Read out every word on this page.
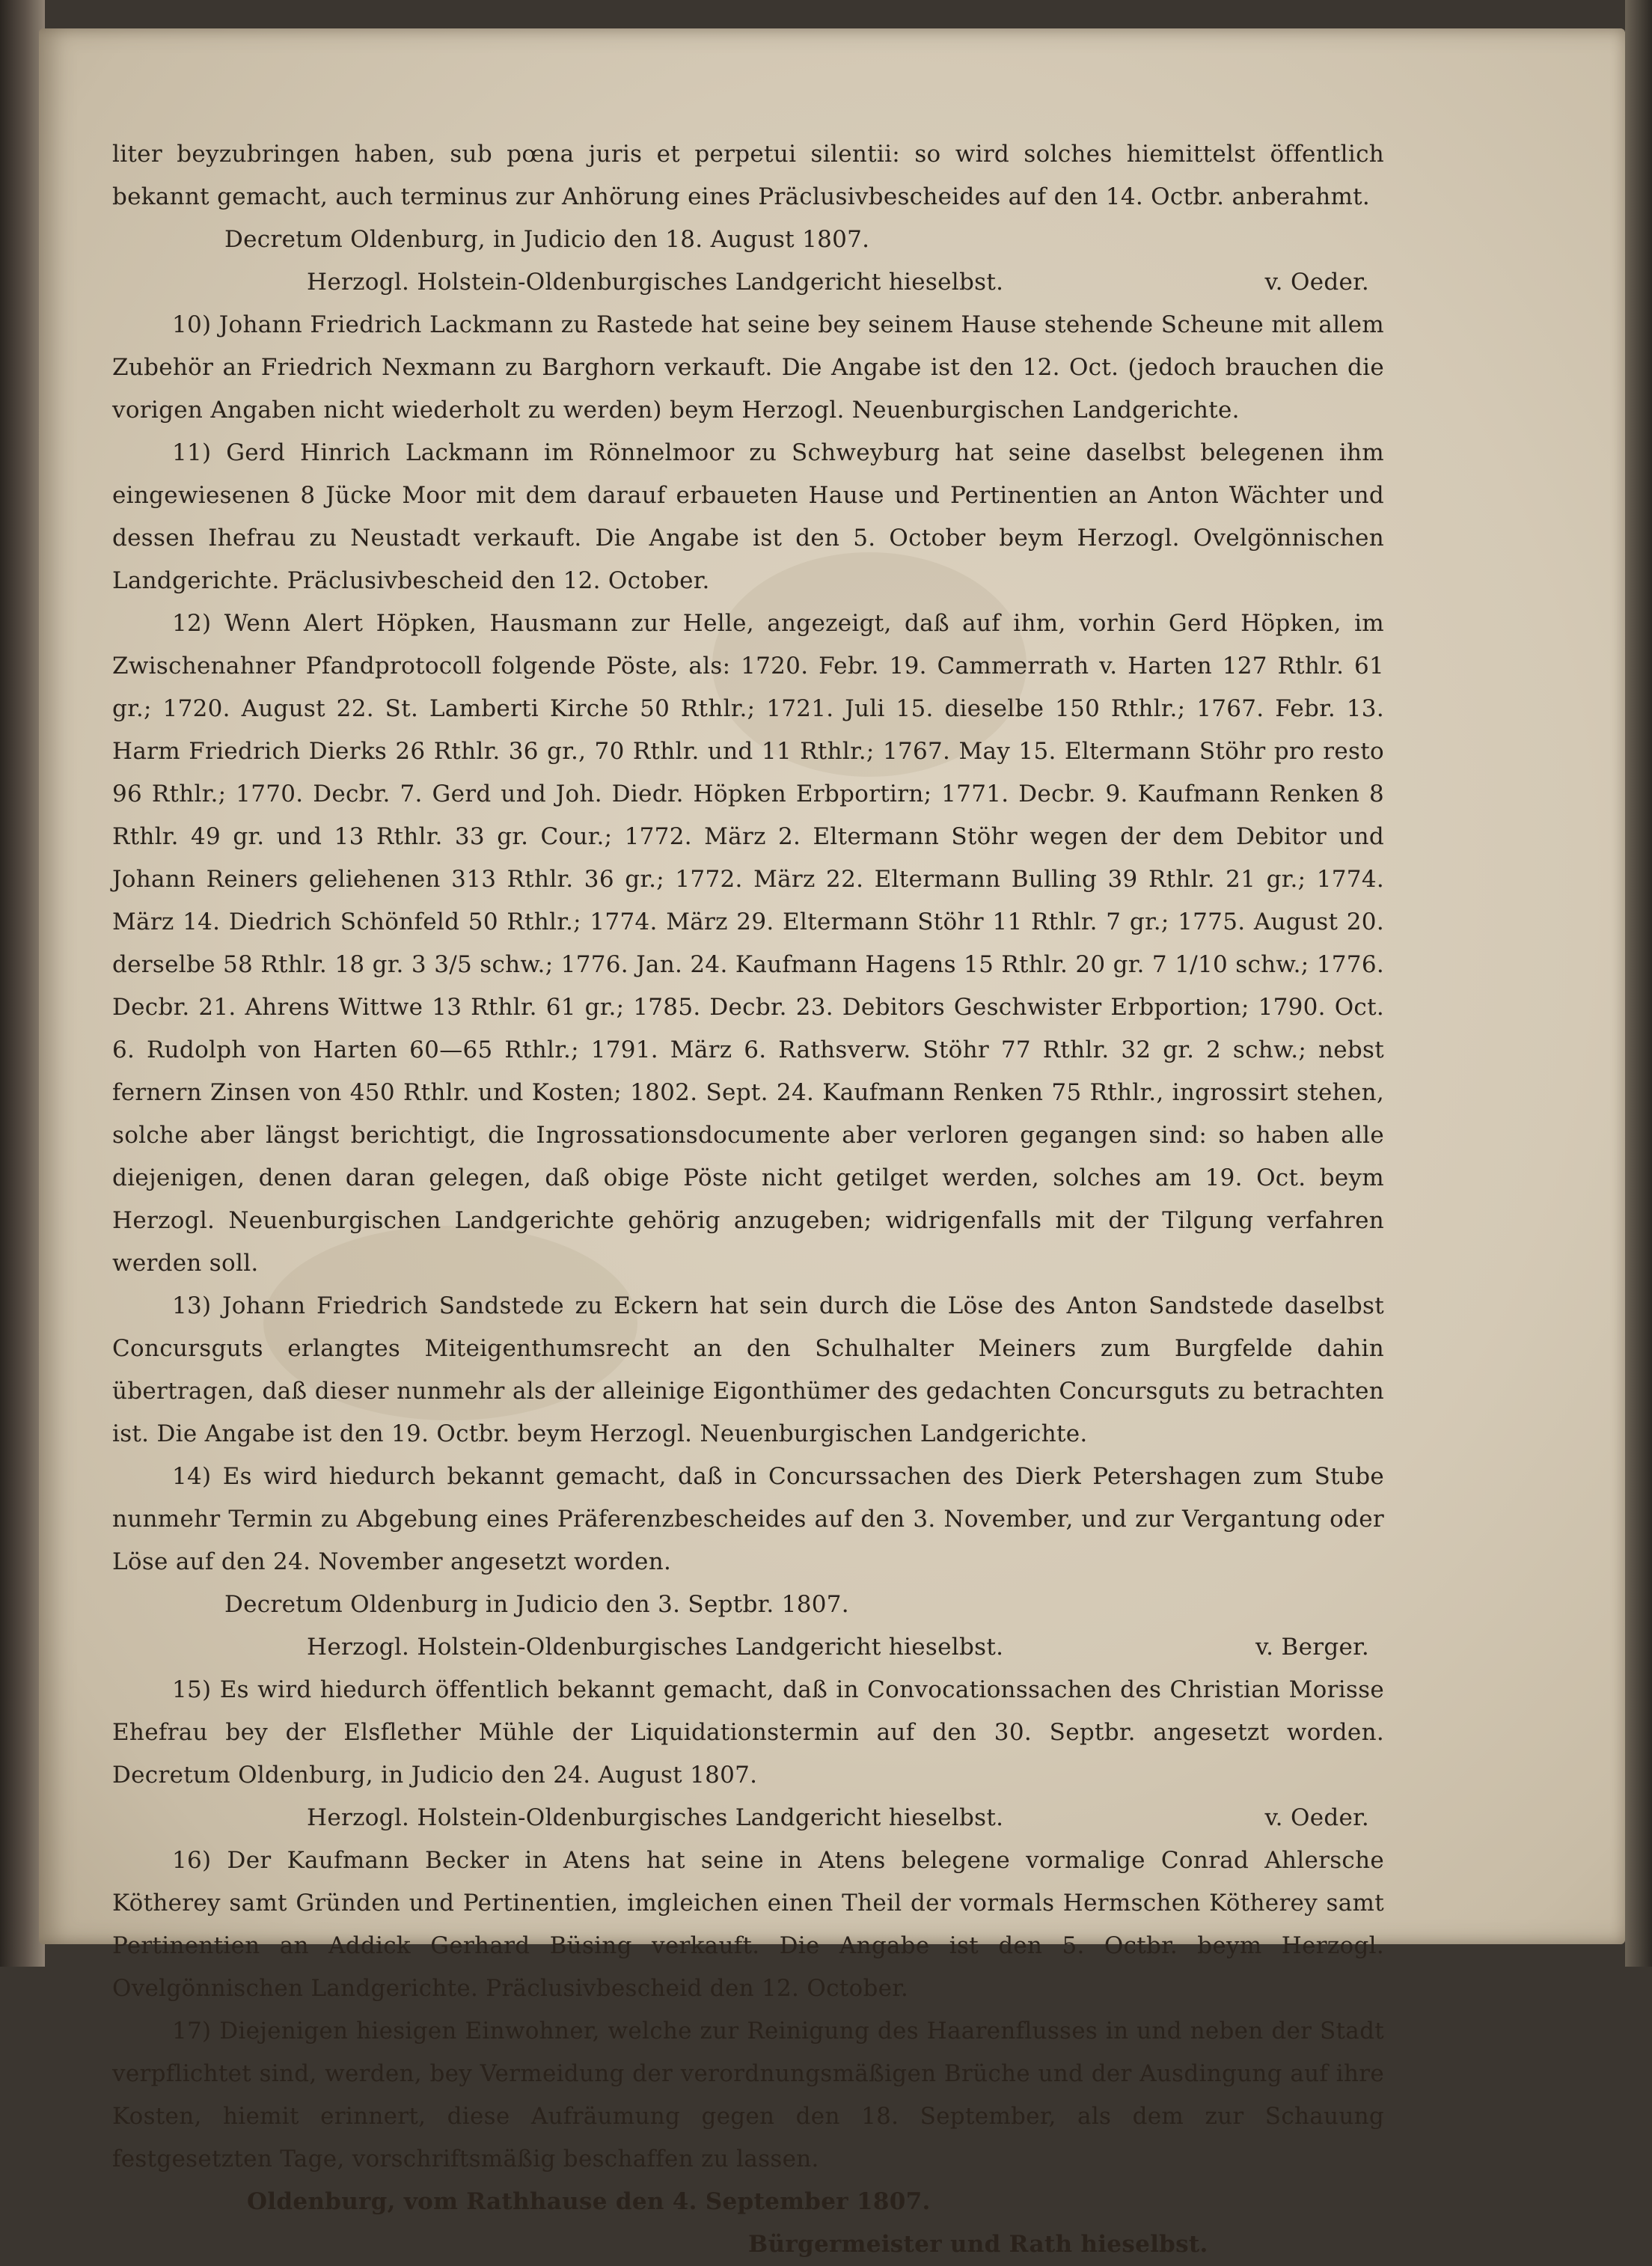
liter beyzubringen haben, sub pœna juris et perpetui silentii: so wird solches hiemittelst öffentlich bekannt gemacht, auch terminus zur Anhörung eines Präclusivbescheides auf den 14. Octbr. anberahmt.

Decretum Oldenburg, in Judicio den 18. August 1807.

Herzogl. Holstein-Oldenburgisches Landgericht hieselbst.	v. Oeder.

10) Johann Friedrich Lackmann zu Rastede hat seine bey seinem Hause stehende Scheune mit allem Zubehör an Friedrich Nexmann zu Barghorn verkauft. Die Angabe ist den 12. Oct. (jedoch brauchen die vorigen Angaben nicht wiederholt zu werden) beym Herzogl. Neuenburgischen Landgerichte.

11) Gerd Hinrich Lackmann im Rönnelmoor zu Schweyburg hat seine daselbst belegenen ihm eingewiesenen 8 Jücke Moor mit dem darauf erbaueten Hause und Pertinentien an Anton Wächter und dessen Ihefrau zu Neustadt verkauft. Die Angabe ist den 5. October beym Herzogl. Ovelgönnischen Landgerichte. Präclusivbescheid den 12. October.

12) Wenn Alert Höpken, Hausmann zur Helle, angezeigt, daß auf ihm, vorhin Gerd Höpken, im Zwischenahner Pfandprotocoll folgende Pöste, als: 1720. Febr. 19. Cammerrath v. Harten 127 Rthlr. 61 gr.; 1720. August 22. St. Lamberti Kirche 50 Rthlr.; 1721. Juli 15. dieselbe 150 Rthlr.; 1767. Febr. 13. Harm Friedrich Dierks 26 Rthlr. 36 gr., 70 Rthlr. und 11 Rthlr.; 1767. May 15. Eltermann Stöhr pro resto 96 Rthlr.; 1770. Decbr. 7. Gerd und Joh. Diedr. Höpken Erbportirn; 1771. Decbr. 9. Kaufmann Renken 8 Rthlr. 49 gr. und 13 Rthlr. 33 gr. Cour.; 1772. März 2. Eltermann Stöhr wegen der dem Debitor und Johann Reiners geliehenen 313 Rthlr. 36 gr.; 1772. März 22. Eltermann Bulling 39 Rthlr. 21 gr.; 1774. März 14. Diedrich Schönfeld 50 Rthlr.; 1774. März 29. Eltermann Stöhr 11 Rthlr. 7 gr.; 1775. August 20. derselbe 58 Rthlr. 18 gr. 3 3/5 schw.; 1776. Jan. 24. Kaufmann Hagens 15 Rthlr. 20 gr. 7 1/10 schw.; 1776. Decbr. 21. Ahrens Wittwe 13 Rthlr. 61 gr.; 1785. Decbr. 23. Debitors Geschwister Erbportion; 1790. Oct. 6. Rudolph von Harten 60—65 Rthlr.; 1791. März 6. Rathsverw. Stöhr 77 Rthlr. 32 gr. 2 schw.; nebst fernern Zinsen von 450 Rthlr. und Kosten; 1802. Sept. 24. Kaufmann Renken 75 Rthlr., ingrossirt stehen, solche aber längst berichtigt, die Ingrossationsdocumente aber verloren gegangen sind: so haben alle diejenigen, denen daran gelegen, daß obige Pöste nicht getilget werden, solches am 19. Oct. beym Herzogl. Neuenburgischen Landgerichte gehörig anzugeben; widrigenfalls mit der Tilgung verfahren werden soll.

13) Johann Friedrich Sandstede zu Eckern hat sein durch die Löse des Anton Sandstede daselbst Concursguts erlangtes Miteigenthumsrecht an den Schulhalter Meiners zum Burgfelde dahin übertragen, daß dieser nunmehr als der alleinige Eigonthümer des gedachten Concursguts zu betrachten ist. Die Angabe ist den 19. Octbr. beym Herzogl. Neuenburgischen Landgerichte.

14) Es wird hiedurch bekannt gemacht, daß in Concurssachen des Dierk Petershagen zum Stube nunmehr Termin zu Abgebung eines Präferenzbescheides auf den 3. November, und zur Vergantung oder Löse auf den 24. November angesetzt worden.

Decretum Oldenburg in Judicio den 3. Septbr. 1807.

Herzogl. Holstein-Oldenburgisches Landgericht hieselbst.	v. Berger.

15) Es wird hiedurch öffentlich bekannt gemacht, daß in Convocationssachen des Christian Morisse Ehefrau bey der Elsflether Mühle der Liquidationstermin auf den 30. Septbr. angesetzt worden. Decretum Oldenburg, in Judicio den 24. August 1807.

Herzogl. Holstein-Oldenburgisches Landgericht hieselbst.	v. Oeder.

16) Der Kaufmann Becker in Atens hat seine in Atens belegene vormalige Conrad Ahlersche Kötherey samt Gründen und Pertinentien, imgleichen einen Theil der vormals Hermschen Kötherey samt Pertinentien an Addick Gerhard Büsing verkauft. Die Angabe ist den 5. Octbr. beym Herzogl. Ovelgönnischen Landgerichte. Präclusivbescheid den 12. October.

17) Diejenigen hiesigen Einwohner, welche zur Reinigung des Haarenflusses in und neben der Stadt verpflichtet sind, werden, bey Vermeidung der verordnungsmäßigen Brüche und der Ausdingung auf ihre Kosten, hiemit erinnert, diese Aufräumung gegen den 18. September, als dem zur Schauung festgesetzten Tage, vorschriftsmäßig beschaffen zu lassen.

Oldenburg, vom Rathhause den 4. September 1807.

Bürgermeister und Rath hieselbst.
